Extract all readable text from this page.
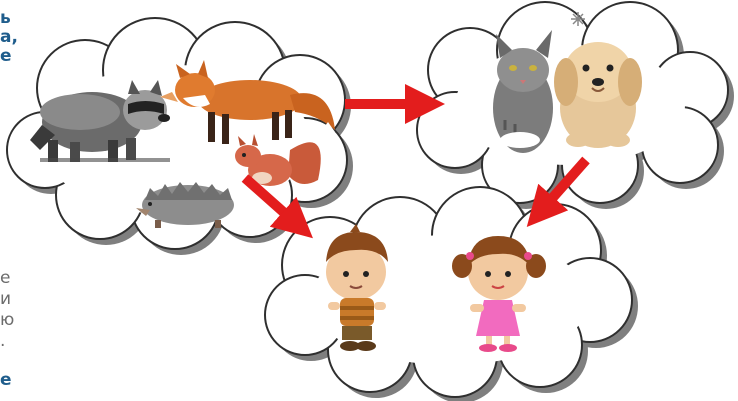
ь
а,
е
е
и
ю
.
е
